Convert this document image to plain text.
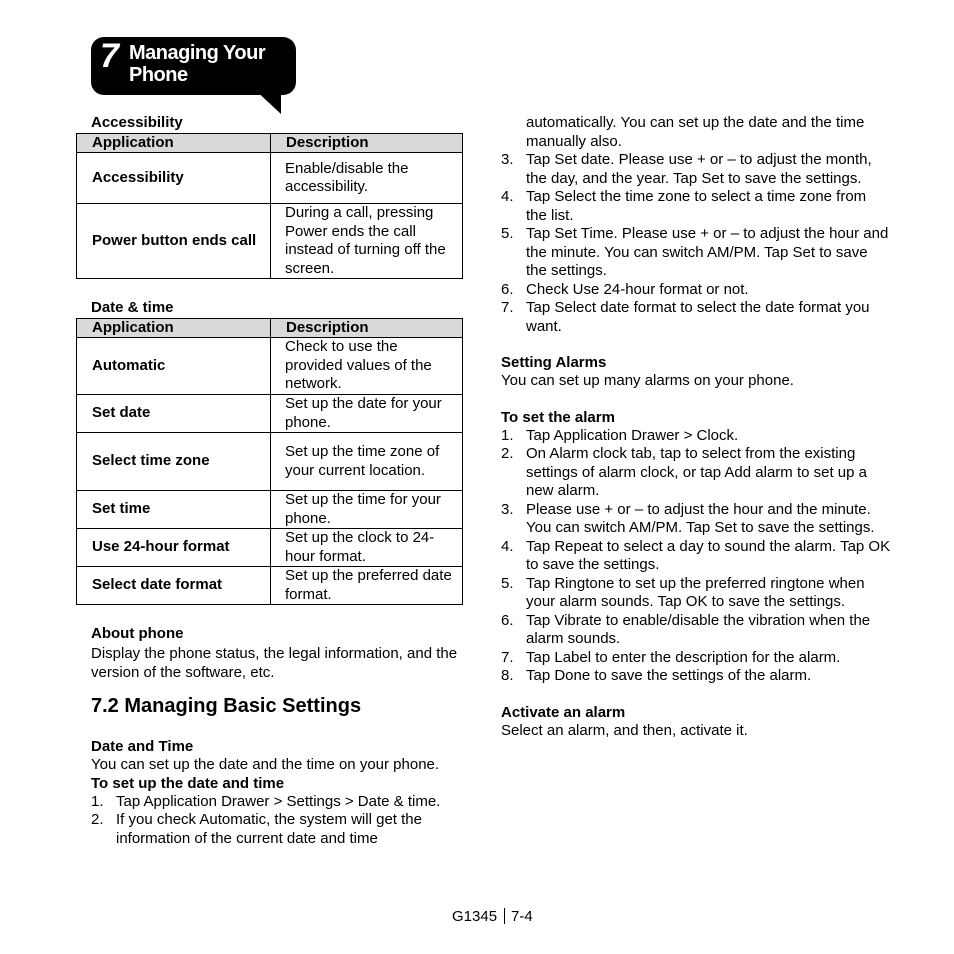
7 Managing Your Phone
Accessibility
Application	Description
Accessibility	Enable/disable the accessibility.
Power button ends call	During a call, pressing Power ends the call instead of turning off the screen.
Date & time
Application	Description
Automatic	Check to use the provided values of the network.
Set date	Set up the date for your phone.
Select time zone	Set up the time zone of your current location.
Set time	Set up the time for your phone.
Use 24-hour format	Set up the clock to 24-hour format.
Select date format	Set up the preferred date format.
About phone
Display the phone status, the legal information, and the version of the software, etc.
7.2 Managing Basic Settings
Date and Time
You can set up the date and the time on your phone.
To set up the date and time
1. Tap Application Drawer > Settings > Date & time.
2. If you check Automatic, the system will get the information of the current date and time
automatically. You can set up the date and the time manually also.
3. Tap Set date. Please use + or – to adjust the month, the day, and the year. Tap Set to save the settings.
4. Tap Select the time zone to select a time zone from the list.
5. Tap Set Time. Please use + or – to adjust the hour and the minute. You can switch AM/PM. Tap Set to save the settings.
6. Check Use 24-hour format or not.
7. Tap Select date format to select the date format you want.
Setting Alarms
You can set up many alarms on your phone.
To set the alarm
1. Tap Application Drawer > Clock.
2. On Alarm clock tab, tap to select from the existing settings of alarm clock, or tap Add alarm to set up a new alarm.
3. Please use + or – to adjust the hour and the minute. You can switch AM/PM. Tap Set to save the settings.
4. Tap Repeat to select a day to sound the alarm. Tap OK to save the settings.
5. Tap Ringtone to set up the preferred ringtone when your alarm sounds. Tap OK to save the settings.
6. Tap Vibrate to enable/disable the vibration when the alarm sounds.
7. Tap Label to enter the description for the alarm.
8. Tap Done to save the settings of the alarm.
Activate an alarm
Select an alarm, and then, activate it.
G1345 7-4
